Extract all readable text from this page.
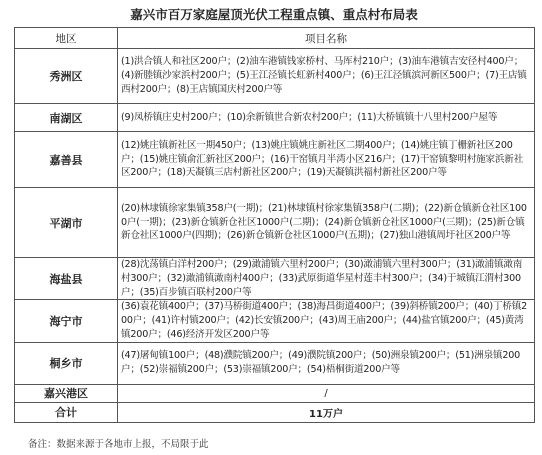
嘉兴市百万家庭屋顶光伏工程重点镇、重点村布局表
地区	项目名称
秀洲区	(1)洪合镇人和社区200户；(2)油车港镇钱家桥村、马厍村210户；(3)油车港镇吉安径村400户；(4)新塍镇沙家浜村200户；(5)王江泾镇长虹新村400户；(6)王江泾镇滨河新区500户；(7)王店镇西村200户；(8)王店镇国庆村200户等
南湖区	(9)凤桥镇庄史村200户；(10)余新镇世合新农村200户；(11)大桥镇镇十八里村200户屋等
嘉善县	(12)姚庄镇新社区一期450户；(13)姚庄镇姚庄新社区二期400户；(14)姚庄镇丁栅新社区200户；(15)姚庄镇俞汇新社区200户；(16)干窑镇月半湾小区216户；(17)干窑镇黎明村施家浜新社区200户；(18)天凝镇三店村新社区200户；(19)天凝镇洪福村新社区200户等
平湖市	(20)林埭镇徐家集镇358户(一期)；(21)林埭镇村徐家集镇358户(二期)；(22)新仓镇新仓社区1000户(一期)；(23)新仓镇新仓社区1000户(二期)；(24)新仓镇新仓社区1000户(三期)；(25)新仓镇新仓社区1000户(四期)；(26)新仓镇新仓社区1000户(五期)；(27)独山港镇周圩社区200户等
海盐县	(28)沈荡镇白洋村200户；(29)澉浦镇六里村200户；(30)澉浦镇六里村300户；(31)澉浦镇澉南村300户；(32)澉浦镇澉南村400户；(33)武原街道华星村莲丰村300户；(34)于城镇江渭村300户；(35)百步镇百联村200户等
海宁市	(36)袁花镇400户；(37)马桥街道400户；(38)海昌街道400户；(39)斜桥镇200户；(40)丁桥镇200户；(41)许村镇200户；(42)长安镇200户；(43)周王庙200户；(44)盐官镇200户；(45)黄湾镇200户；(46)经济开发区200户等
桐乡市	(47)屠甸镇100户；(48)濮院镇200户；(49)濮院镇200户；(50)洲泉镇200户；(51)洲泉镇200户；(52)崇福镇200户；(53)崇福镇200户；(54)梧桐街道200户等
嘉兴港区	/
合计	11万户
备注：数据来源于各地市上报，不局限于此
